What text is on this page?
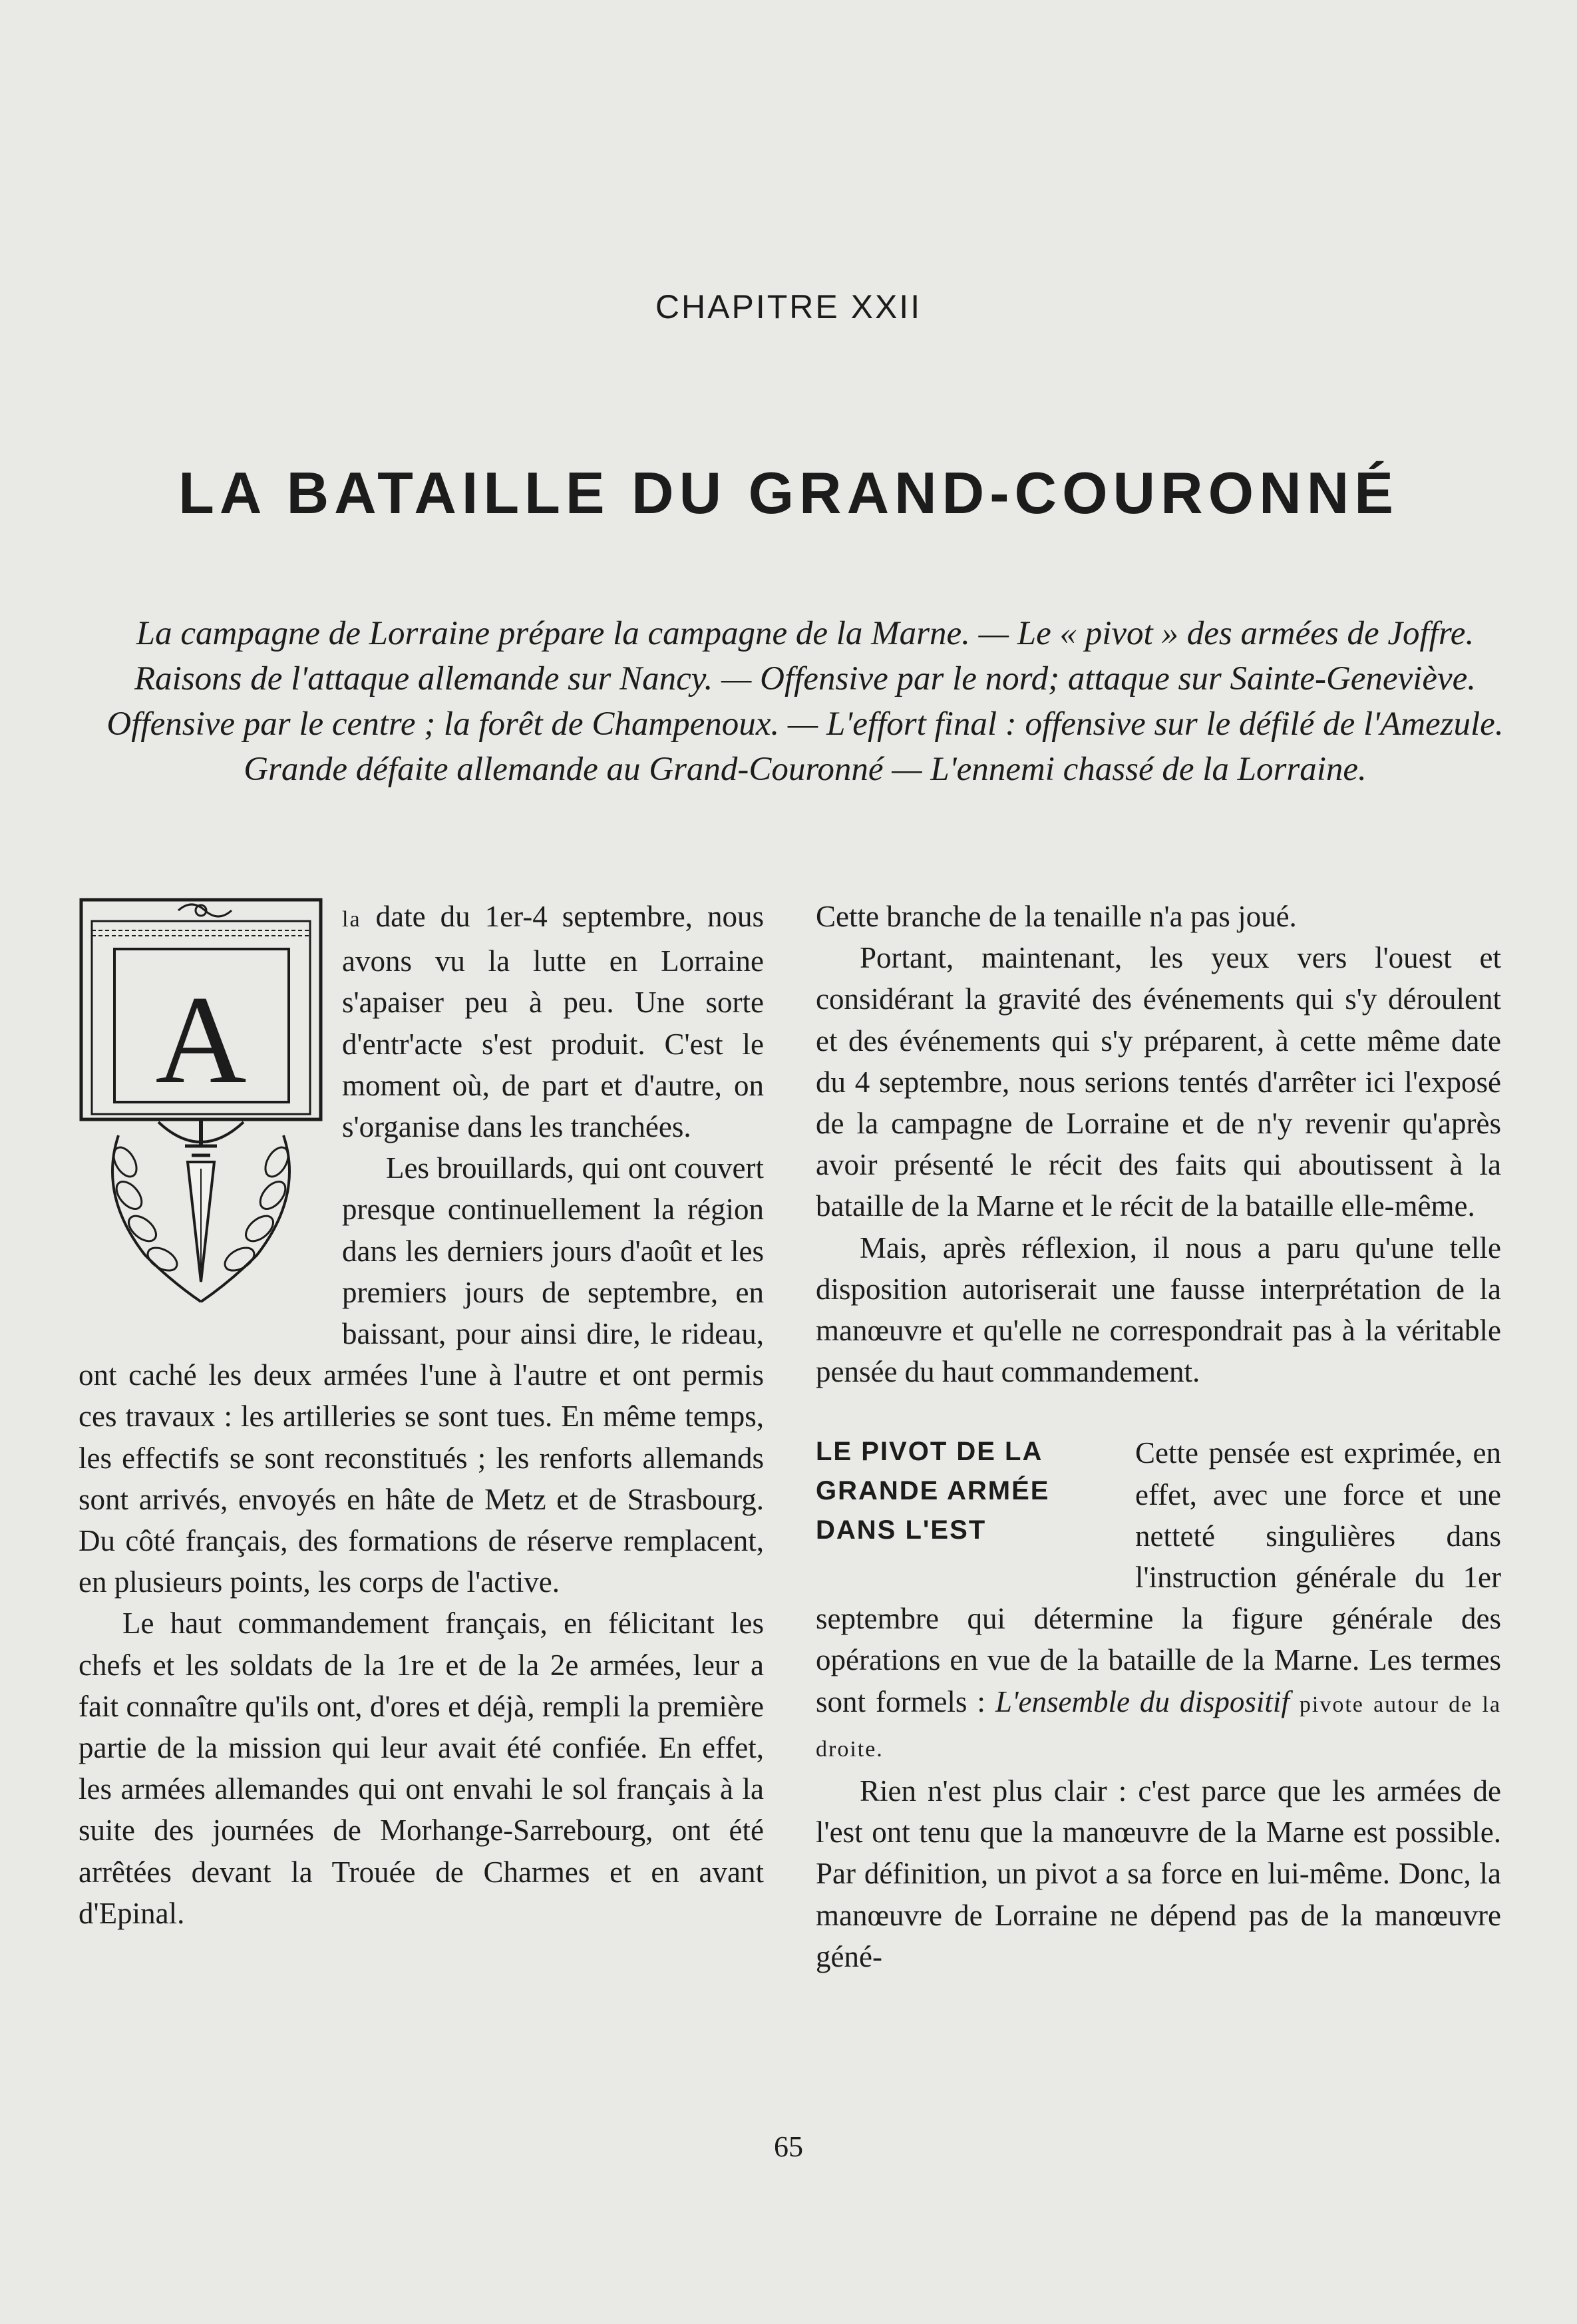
CHAPITRE XXII
LA BATAILLE DU GRAND-COURONNÉ
La campagne de Lorraine prépare la campagne de la Marne. — Le « pivot » des armées de Joffre.
Raisons de l'attaque allemande sur Nancy. — Offensive par le nord; attaque sur Sainte-Geneviève.
Offensive par le centre ; la forêt de Champenoux. — L'effort final : offensive sur le défilé de l'Amezule.
Grande défaite allemande au Grand-Couronné — L'ennemi chassé de la Lorraine.
A

la date du 1er-4 septembre, nous avons vu la lutte en Lorraine s'apaiser peu à peu. Une sorte d'entr'acte s'est produit. C'est le moment où, de part et d'autre, on s'organise dans les tranchées.

Les brouillards, qui ont couvert presque continuellement la région dans les derniers jours d'août et les premiers jours de septembre, en baissant, pour ainsi dire, le rideau, ont caché les deux armées l'une à l'autre et ont permis ces travaux : les artilleries se sont tues. En même temps, les effectifs se sont reconstitués ; les renforts allemands sont arrivés, envoyés en hâte de Metz et de Strasbourg. Du côté français, des formations de réserve remplacent, en plusieurs points, les corps de l'active.

Le haut commandement français, en félicitant les chefs et les soldats de la 1re et de la 2e armées, leur a fait connaître qu'ils ont, d'ores et déjà, rempli la première partie de la mission qui leur avait été confiée. En effet, les armées allemandes qui ont envahi le sol français à la suite des journées de Morhange-Sarrebourg, ont été arrêtées devant la Trouée de Charmes et en avant d'Epinal.

Cette branche de la tenaille n'a pas joué.

Portant, maintenant, les yeux vers l'ouest et considérant la gravité des événements qui s'y déroulent et des événements qui s'y préparent, à cette même date du 4 septembre, nous serions tentés d'arrêter ici l'exposé de la campagne de Lorraine et de n'y revenir qu'après avoir présenté le récit des faits qui aboutissent à la bataille de la Marne et le récit de la bataille elle-même.

Mais, après réflexion, il nous a paru qu'une telle disposition autoriserait une fausse interprétation de la manœuvre et qu'elle ne correspondrait pas à la véritable pensée du haut commandement.

LE PIVOT DE LA GRANDE ARMÉE DANS L'EST

Cette pensée est exprimée, en effet, avec une force et une netteté singulières dans l'instruction générale du 1er septembre qui détermine la figure générale des opérations en vue de la bataille de la Marne. Les termes sont formels : L'ensemble du dispositif pivote autour de la droite.

Rien n'est plus clair : c'est parce que les armées de l'est ont tenu que la manœuvre de la Marne est possible. Par définition, un pivot a sa force en lui-même. Donc, la manœuvre de Lorraine ne dépend pas de la manœuvre géné-

65
